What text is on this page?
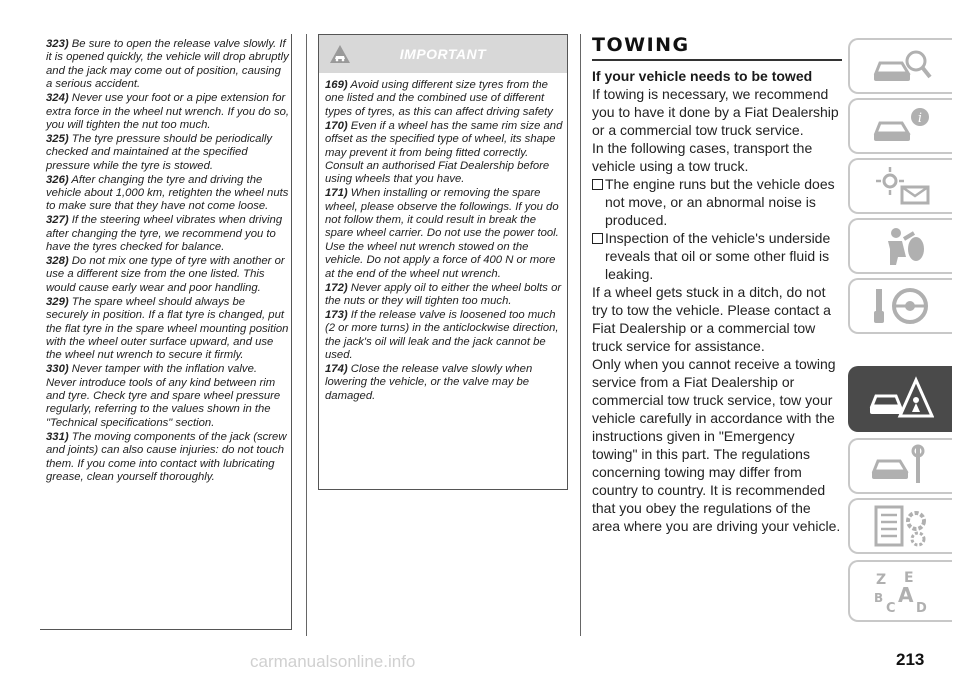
323) Be sure to open the release valve slowly. If it is opened quickly, the vehicle will drop abruptly and the jack may come out of position, causing a serious accident.

324) Never use your foot or a pipe extension for extra force in the wheel nut wrench. If you do so, you will tighten the nut too much.

325) The tyre pressure should be periodically checked and maintained at the specified pressure while the tyre is stowed.

326) After changing the tyre and driving the vehicle about 1,000 km, retighten the wheel nuts to make sure that they have not come loose.

327) If the steering wheel vibrates when driving after changing the tyre, we recommend you to have the tyres checked for balance.

328) Do not mix one type of tyre with another or use a different size from the one listed. This would cause early wear and poor handling.

329) The spare wheel should always be securely in position. If a flat tyre is changed, put the flat tyre in the spare wheel mounting position with the wheel outer surface upward, and use the wheel nut wrench to secure it firmly.

330) Never tamper with the inflation valve. Never introduce tools of any kind between rim and tyre. Check tyre and spare wheel pressure regularly, referring to the values shown in the "Technical specifications" section.

331) The moving components of the jack (screw and joints) can also cause injuries: do not touch them. If you come into contact with lubricating grease, clean yourself thoroughly.

IMPORTANT

169) Avoid using different size tyres from the one listed and the combined use of different types of tyres, as this can affect driving safety

170) Even if a wheel has the same rim size and offset as the specified type of wheel, its shape may prevent it from being fitted correctly. Consult an authorised Fiat Dealership before using wheels that you have.

171) When installing or removing the spare wheel, please observe the followings. If you do not follow them, it could result in break the spare wheel carrier. Do not use the power tool. Use the wheel nut wrench stowed on the vehicle. Do not apply a force of 400 N or more at the end of the wheel nut wrench.

172) Never apply oil to either the wheel bolts or the nuts or they will tighten too much.

173) If the release valve is loosened too much (2 or more turns) in the anticlockwise direction, the jack's oil will leak and the jack cannot be used.

174) Close the release valve slowly when lowering the vehicle, or the valve may be damaged.

TOWING
If your vehicle needs to be towed

If towing is necessary, we recommend you to have it done by a Fiat Dealership or a commercial tow truck service.

In the following cases, transport the vehicle using a tow truck.

The engine runs but the vehicle does not move, or an abnormal noise is produced.

Inspection of the vehicle's underside reveals that oil or some other fluid is leaking.

If a wheel gets stuck in a ditch, do not try to tow the vehicle. Please contact a Fiat Dealership or a commercial tow truck service for assistance.

Only when you cannot receive a towing service from a Fiat Dealership or commercial tow truck service, tow your vehicle carefully in accordance with the instructions given in "Emergency towing" in this part. The regulations concerning towing may differ from country to country. It is recommended that you obey the regulations of the area where you are driving your vehicle.

i
Z E
B A
C D
carmanualsonline.info	213
